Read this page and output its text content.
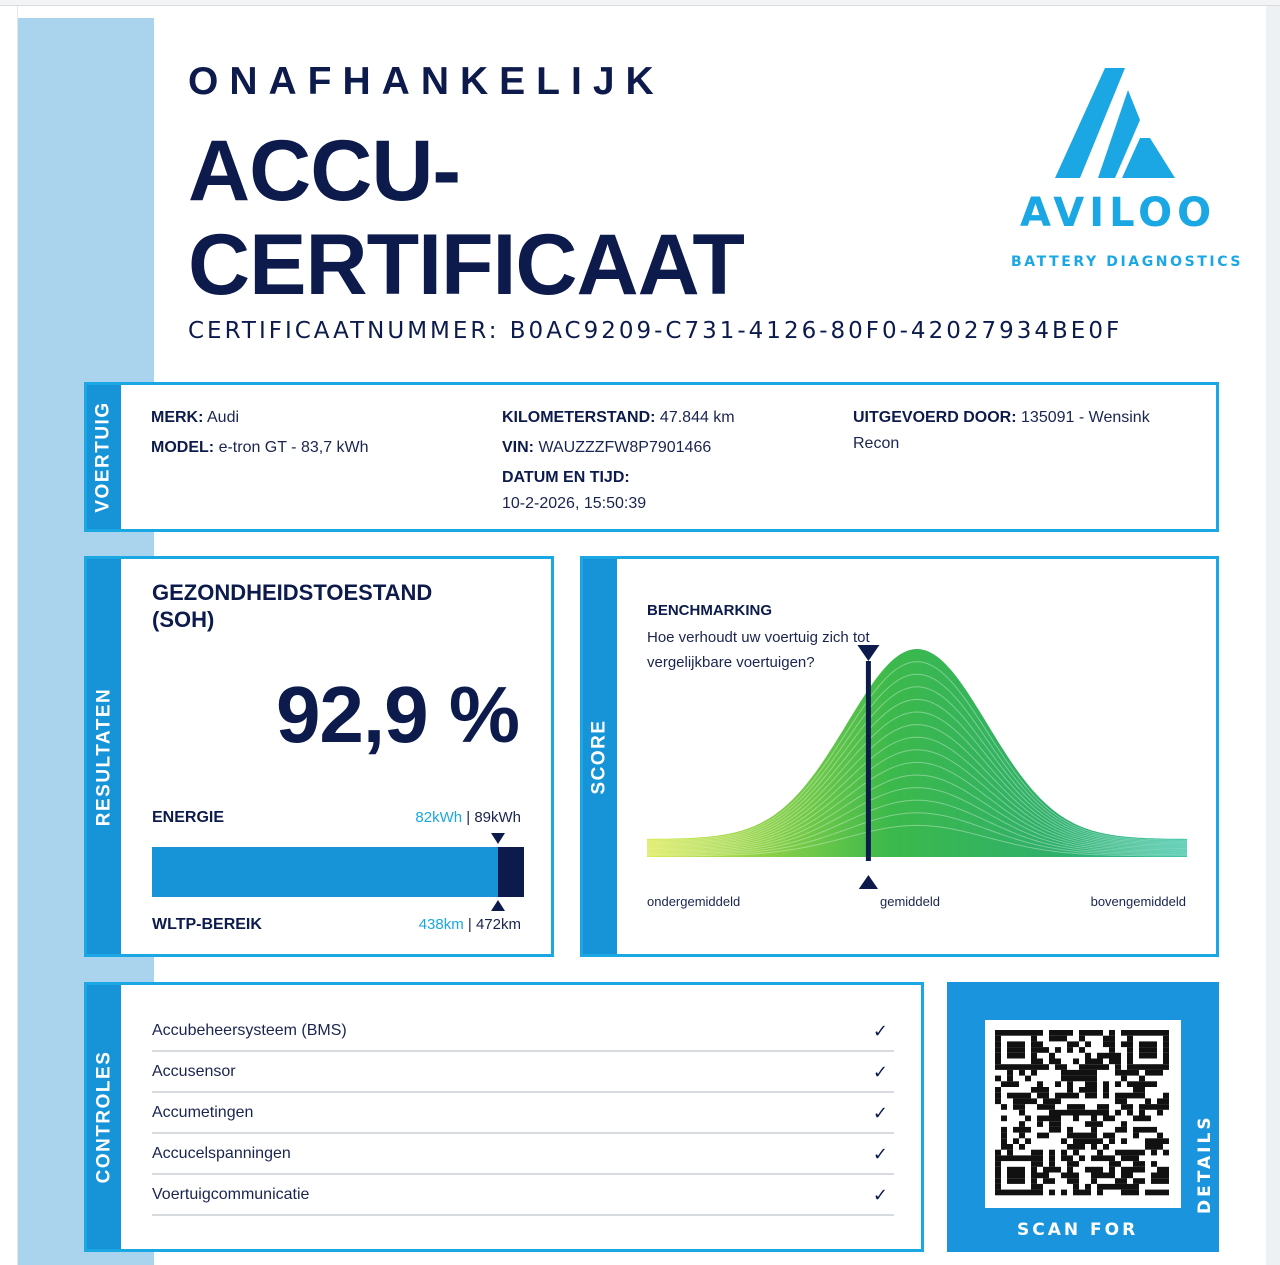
ONAFHANKELIJK
ACCU-
CERTIFICAAT
CERTIFICAATNUMMER: B0AC9209-C731-4126-80F0-42027934BE0F
AVILOO
BATTERY DIAGNOSTICS
VOERTUIG MERK: Audi
MODEL: e-tron GT - 83,7 kWh
KILOMETERSTAND: 47.844 km
VIN: WAUZZZFW8P7901466
DATUM EN TIJD:
10-2-2026, 15:50:39
UITGEVOERD DOOR: 135091 - Wensink Recon
RESULTATEN
GEZONDHEIDSTOESTAND
(SOH)
92,9 %
ENERGIE	82kWh | 89kWh
WLTP-BEREIK	438km | 472km
SCORE
BENCHMARKING
Hoe verhoudt uw voertuig zich tot vergelijkbare voertuigen?
ondergemiddeld	gemiddeld	bovengemiddeld
CONTROLES
Accubeheersysteem (BMS)	✓
Accusensor	✓
Accumetingen	✓
Accucelspanningen	✓
Voertuigcommunicatie	✓
SCAN FOR
DETAILS
